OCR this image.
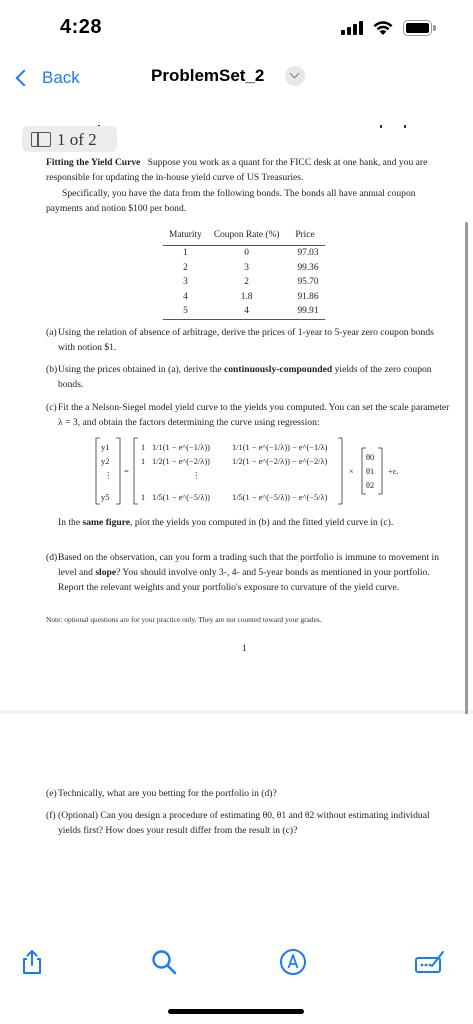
4:28
Back	ProblemSet_2
1 of 2
Fitting the Yield Curve Suppose you work as a quant for the FICC desk at one bank, and you are responsible for updating the in-house yield curve of US Treasuries.
Specifically, you have the data from the following bonds. The bonds all have annual coupon payments and notion $100 per bond.
Maturity	Coupon Rate (%)	Price
1	0	97.03
2	3	99.36
3	2	95.70
4	1.8	91.86
5	4	99.91
(a) Using the relation of absence of arbitrage, derive the prices of 1-year to 5-year zero coupon bonds with notion $1.
(b) Using the prices obtained in (a), derive the continuously-compounded yields of the zero coupon bonds.
(c) Fit the a Nelson-Siegel model yield curve to the yields you computed. You can set the scale parameter λ = 3, and obtain the factors determining the curve using regression:
y1
y2
⋮
y5
=
1 1/1(1 − e^(−1/λ))	1/1(1 − e^(−1/λ)) − e^(−1/λ)
1 1/2(1 − e^(−2/λ))	1/2(1 − e^(−2/λ)) − e^(−2/λ)
⋮
1 1/5(1 − e^(−5/λ))	1/5(1 − e^(−5/λ)) − e^(−5/λ)
×
θ0
θ1
θ2
+ε.
In the same figure, plot the yields you computed in (b) and the fitted yield curve in (c).
(d) Based on the observation, can you form a trading such that the portfolio is immune to movement in level and slope? You should involve only 3-, 4- and 5-year bonds as mentioned in your portfolio. Report the relevant weights and your portfolio's exposure to curvature of the yield curve.
Note: optional questions are for your practice only. They are not counted toward your grades.
1
(e) Technically, what are you betting for the portfolio in (d)?
(f) (Optional) Can you design a procedure of estimating θ0, θ1 and θ2 without estimating individual yields first? How does your result differ from the result in (c)?
